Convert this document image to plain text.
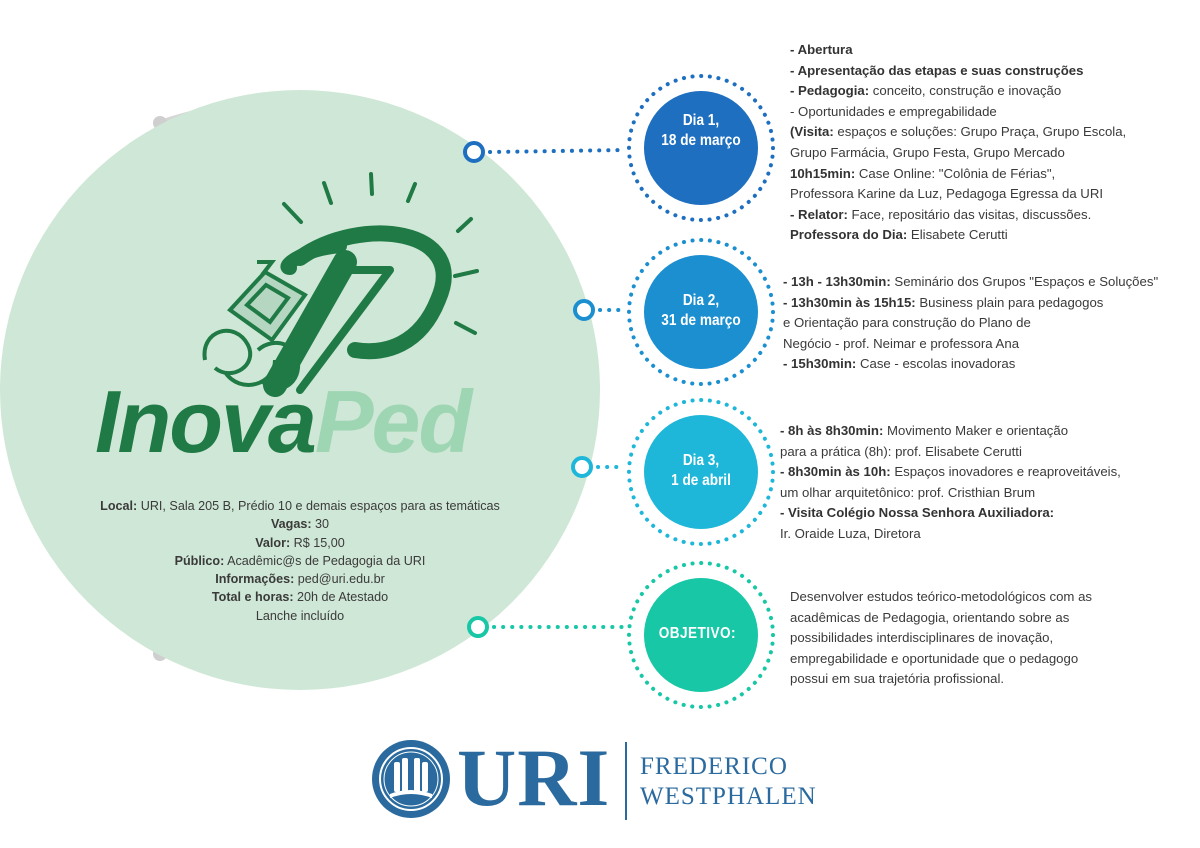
InovaPed
Local: URI, Sala 205 B, Prédio 10 e demais espaços para as temáticas
Vagas: 30
Valor: R$ 15,00
Público: Acadêmic@s de Pedagogia da URI
Informações: ped@uri.edu.br
Total e horas: 20h de Atestado
Lanche incluído
Dia 1,
18 de março
Dia 2,
31 de março
Dia 3,
1 de abril
OBJETIVO:
- Abertura
- Apresentação das etapas e suas construções
- Pedagogia: conceito, construção e inovação
- Oportunidades e empregabilidade
(Visita: espaços e soluções: Grupo Praça, Grupo Escola,
Grupo Farmácia, Grupo Festa, Grupo Mercado
10h15min: Case Online: "Colônia de Férias",
Professora Karine da Luz, Pedagoga Egressa da URI
- Relator: Face, repositário das visitas, discussões.
Professora do Dia: Elisabete Cerutti
- 13h - 13h30min: Seminário dos Grupos "Espaços e Soluções"
- 13h30min às 15h15: Business plain para pedagogos
e Orientação para construção do Plano de
Negócio - prof. Neimar e professora Ana
- 15h30min: Case - escolas inovadoras
- 8h às 8h30min: Movimento Maker e orientação
para a prática (8h): prof. Elisabete Cerutti
- 8h30min às 10h: Espaços inovadores e reaproveitáveis,
um olhar arquitetônico: prof. Cristhian Brum
- Visita Colégio Nossa Senhora Auxiliadora:
Ir. Oraide Luza, Diretora
Desenvolver estudos teórico-metodológicos com as
acadêmicas de Pedagogia, orientando sobre as
possibilidades interdisciplinares de inovação,
empregabilidade e oportunidade que o pedagogo
possui em sua trajetória profissional.
URI FREDERICO
WESTPHALEN
